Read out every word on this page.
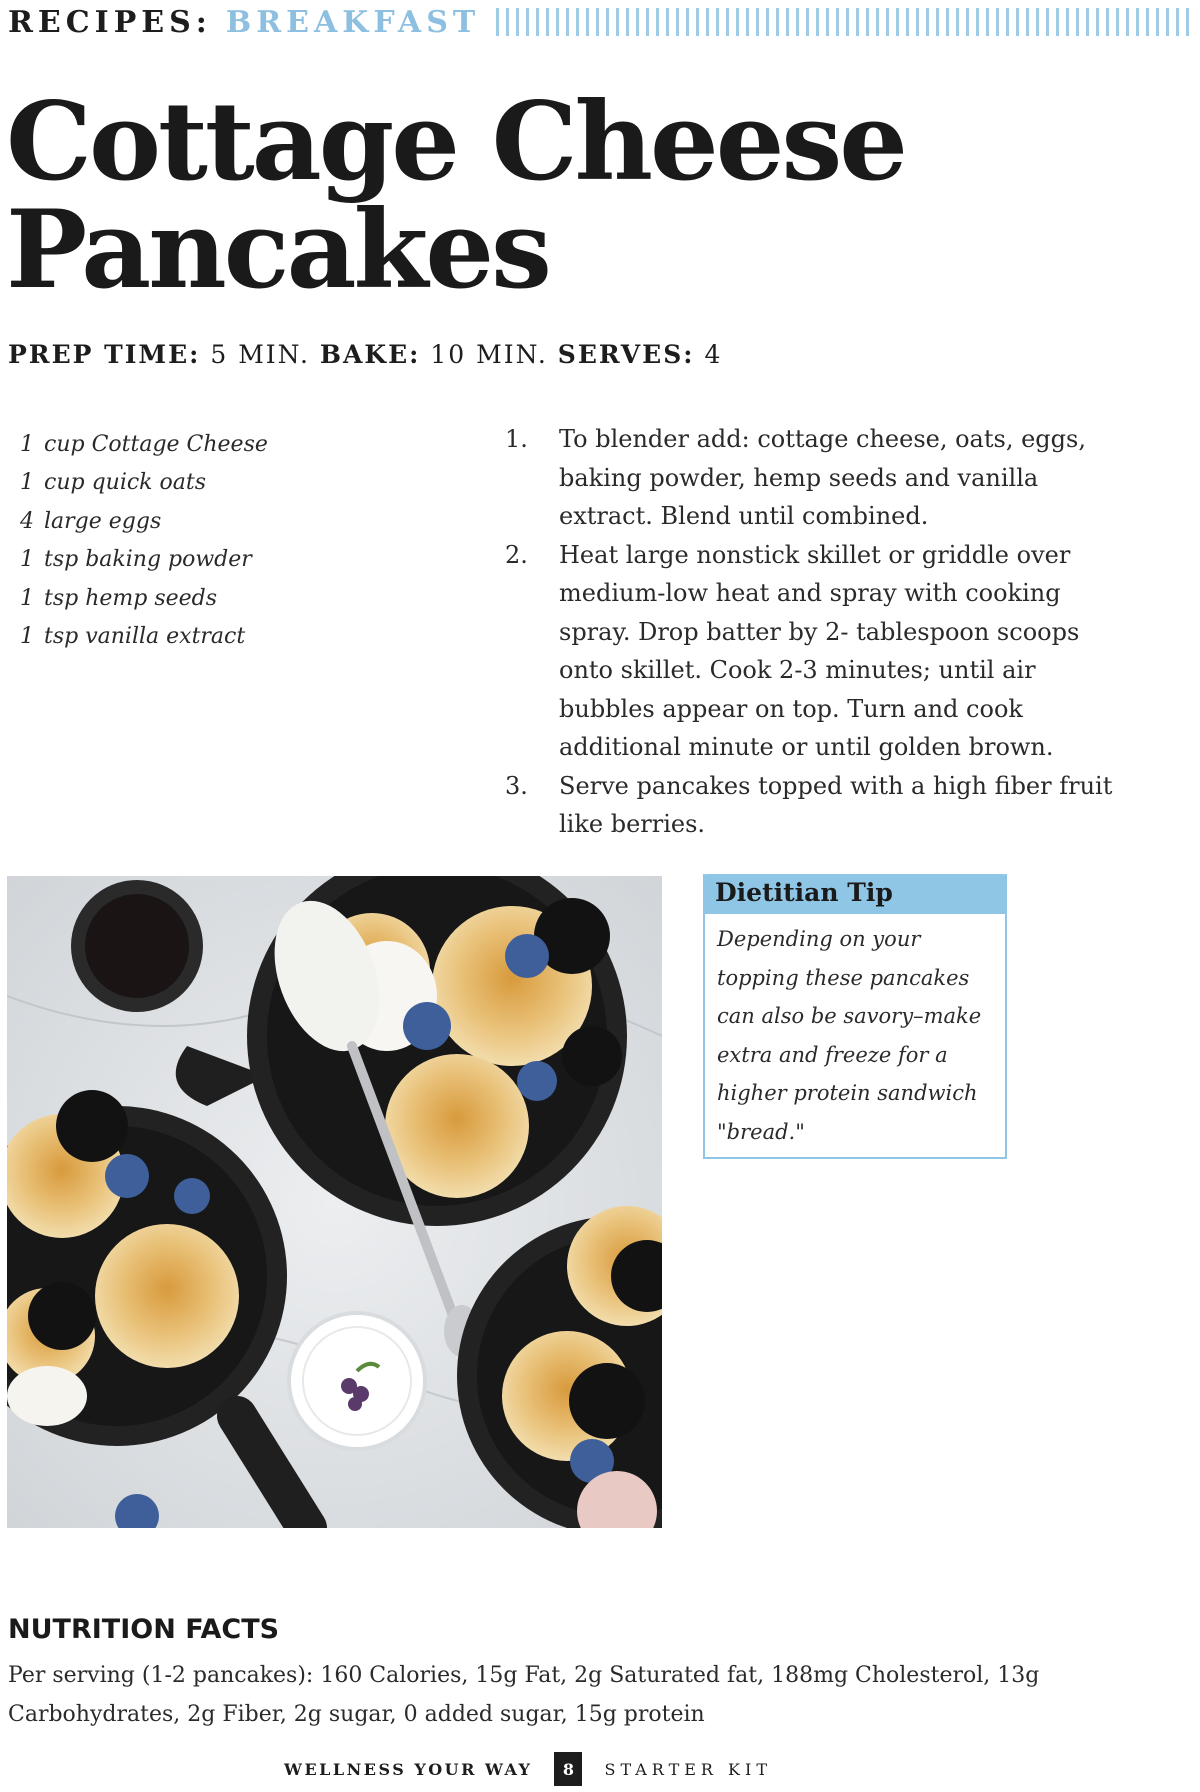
RECIPES: BREAKFAST
Cottage Cheese
Pancakes
PREP TIME: 5 MIN. BAKE: 10 MIN. SERVES: 4
1 cup Cottage Cheese
1 cup quick oats
4 large eggs
1 tsp baking powder
1 tsp hemp seeds
1 tsp vanilla extract
1.	To blender add: cottage cheese, oats, eggs, baking powder, hemp seeds and vanilla extract. Blend until combined.
2.	Heat large nonstick skillet or griddle over medium-low heat and spray with cooking spray. Drop batter by 2- tablespoon scoops onto skillet. Cook 2-3 minutes; until air bubbles appear on top. Turn and cook additional minute or until golden brown.
3.	Serve pancakes topped with a high fiber fruit like berries.
Dietitian Tip
Depending on your topping these pancakes can also be savory–make extra and freeze for a higher protein sandwich "bread."
NUTRITION FACTS
Per serving (1-2 pancakes): 160 Calories, 15g Fat, 2g Saturated fat, 188mg Cholesterol, 13g Carbohydrates, 2g Fiber, 2g sugar, 0 added sugar, 15g protein
WELLNESS YOUR WAY	8	STARTER KIT
